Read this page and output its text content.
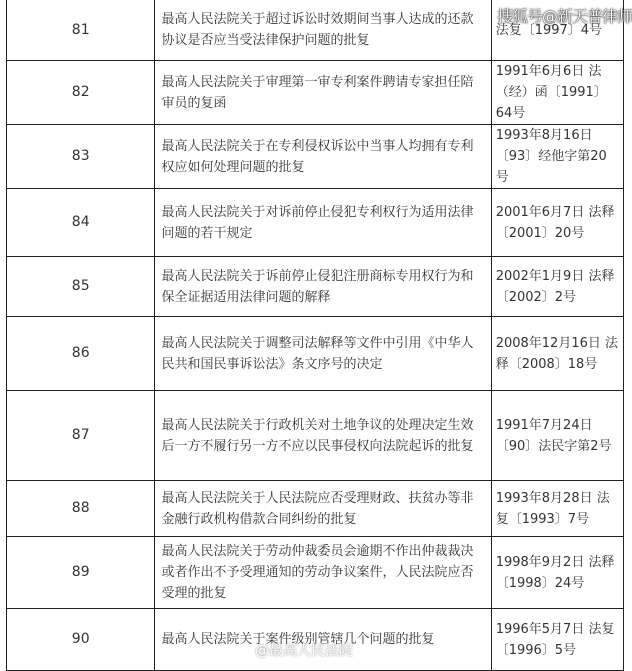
81	最高人民法院关于超过诉讼时效期间当事人达成的还款协议是否应当受法律保护问题的批复	法复〔1997〕4号
82	最高人民法院关于审理第一审专利案件聘请专家担任陪审员的复函	1991年6月6日 法（经）函〔1991〕64号
83	最高人民法院关于在专利侵权诉讼中当事人均拥有专利权应如何处理问题的批复	1993年8月16日 〔93〕经他字第20号
84	最高人民法院关于对诉前停止侵犯专利权行为适用法律问题的若干规定	2001年6月7日 法释〔2001〕20号
85	最高人民法院关于诉前停止侵犯注册商标专用权行为和保全证据适用法律问题的解释	2002年1月9日 法释〔2002〕2号
86	最高人民法院关于调整司法解释等文件中引用《中华人民共和国民事诉讼法》条文序号的决定	2008年12月16日 法释〔2008〕18号
87	最高人民法院关于行政机关对土地争议的处理决定生效后一方不履行另一方不应以民事侵权向法院起诉的批复	1991年7月24日 〔90〕法民字第2号
88	最高人民法院关于人民法院应否受理财政、扶贫办等非金融行政机构借款合同纠纷的批复	1993年8月28日 法复〔1993〕7号
89	最高人民法院关于劳动仲裁委员会逾期不作出仲裁裁决或者作出不予受理通知的劳动争议案件，人民法院应否受理的批复	1998年9月2日 法释〔1998〕24号
90	最高人民法院关于案件级别管辖几个问题的批复	1996年5月7日 法复〔1996〕5号
搜狐号@新天普律师
@最高人民法院
